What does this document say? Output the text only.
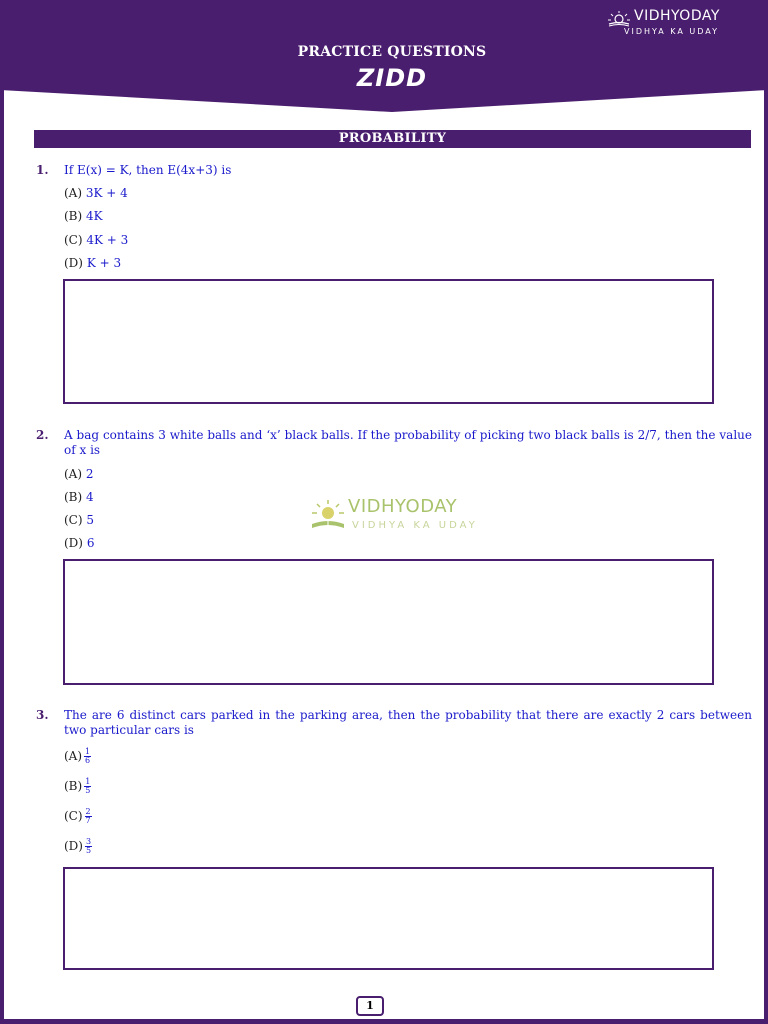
PRACTICE QUESTIONS
ZIDD
VIDHYODAY
VIDHYA KA UDAY
PROBABILITY
1. If E(x) = K, then E(4x+3) is
(A) 3K + 4
(B) 4K
(C) 4K + 3
(D) K + 3
2. A bag contains 3 white balls and ‘x’ black balls. If the probability of picking two black balls is 2/7, then the value of x is
(A) 2
(B) 4
(C) 5
(D) 6
VIDHYODAY
VIDHYA KA UDAY
3. The are 6 distinct cars parked in the parking area, then the probability that there are exactly 2 cars between two particular cars is
$(A) \frac{1}{6}$
$(B) \frac{1}{5}$
$(C) \frac{2}{7}$
$(D) \frac{3}{5}$
1
